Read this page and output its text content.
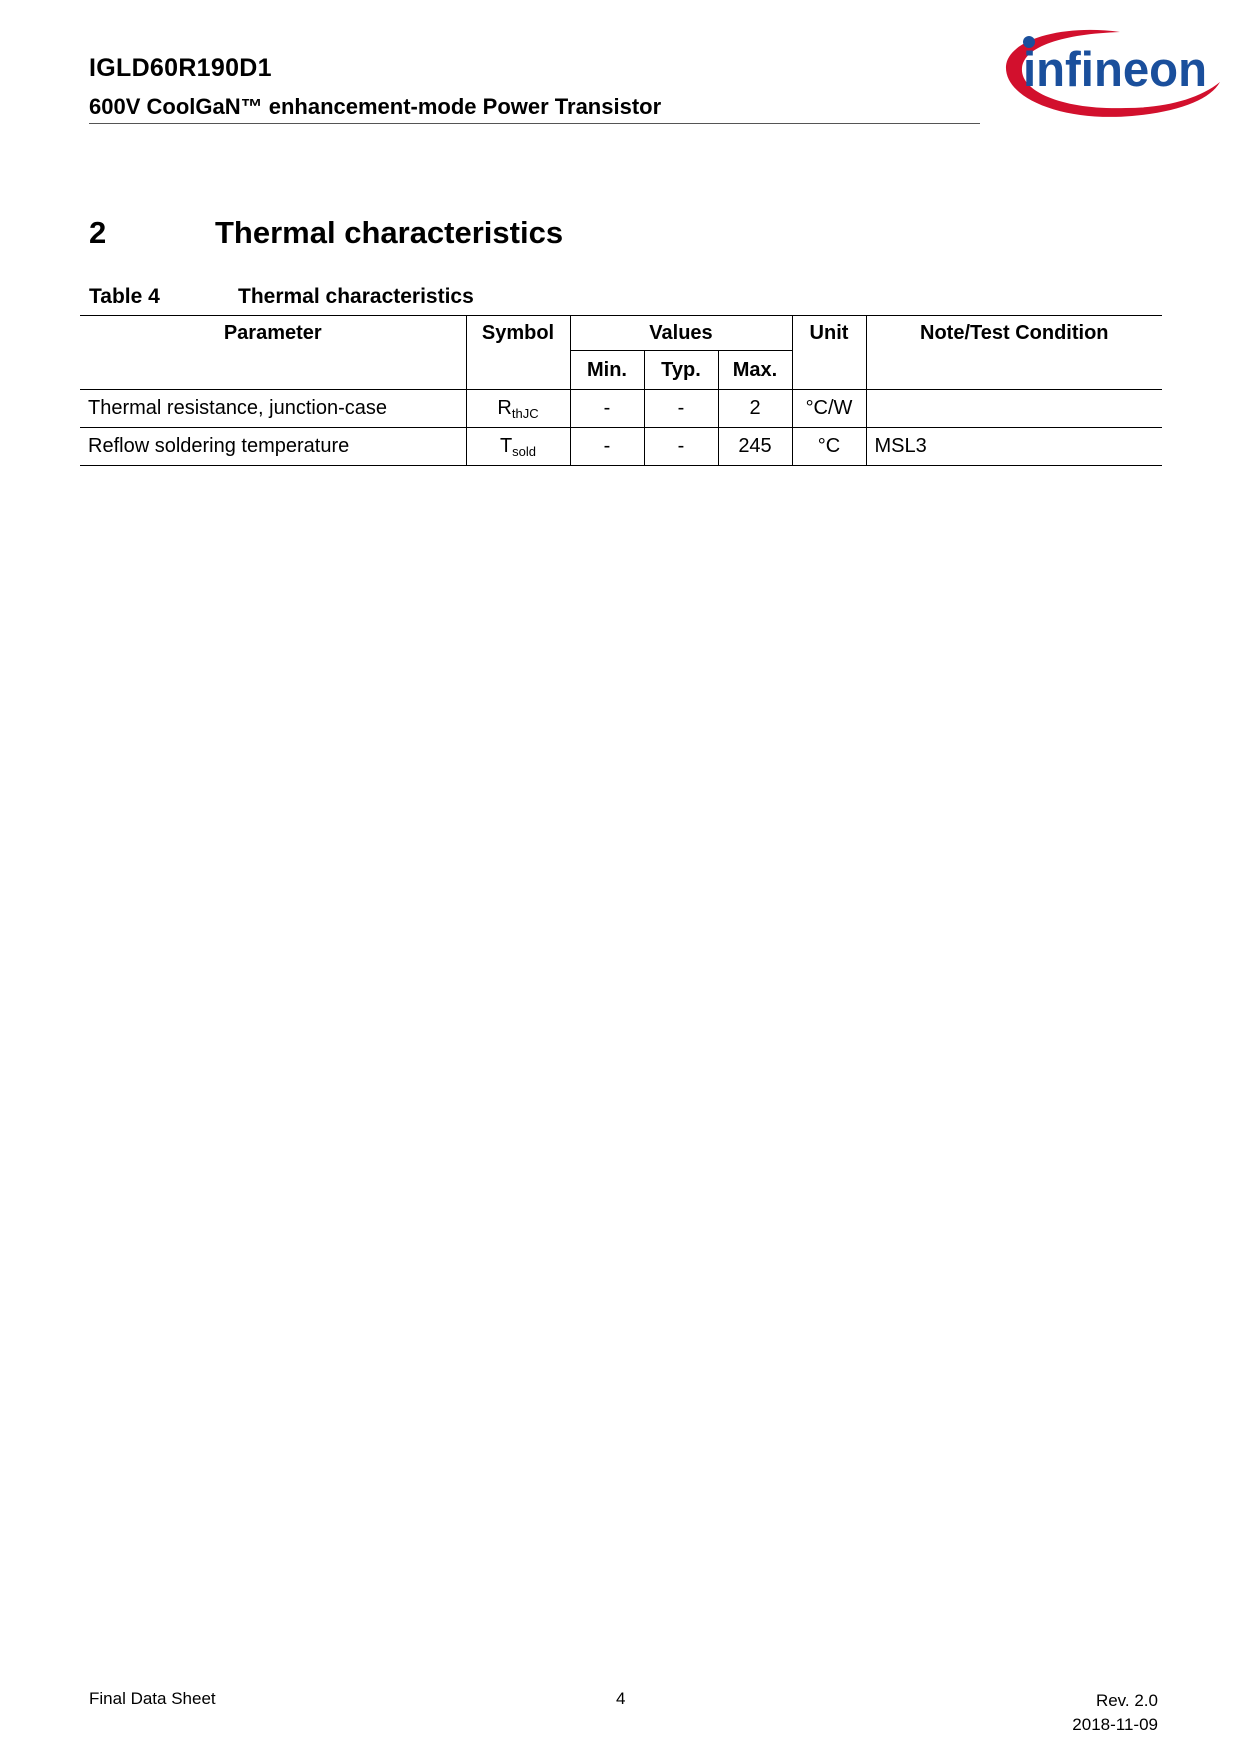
IGLD60R190D1
600V CoolGaN™ enhancement-mode Power Transistor
infineon
2	Thermal characteristics
Table 4	Thermal characteristics
Parameter	Symbol	Values			Unit	Note/Test Condition
		Min.	Typ.	Max.		
Thermal resistance, junction-case	$R_{thJC}$	-	-	2	°C/W	
Reflow soldering temperature	$T_{sold}$	-	-	245	°C	MSL3
Final Data Sheet	4	Rev. 2.0
2018-11-09
